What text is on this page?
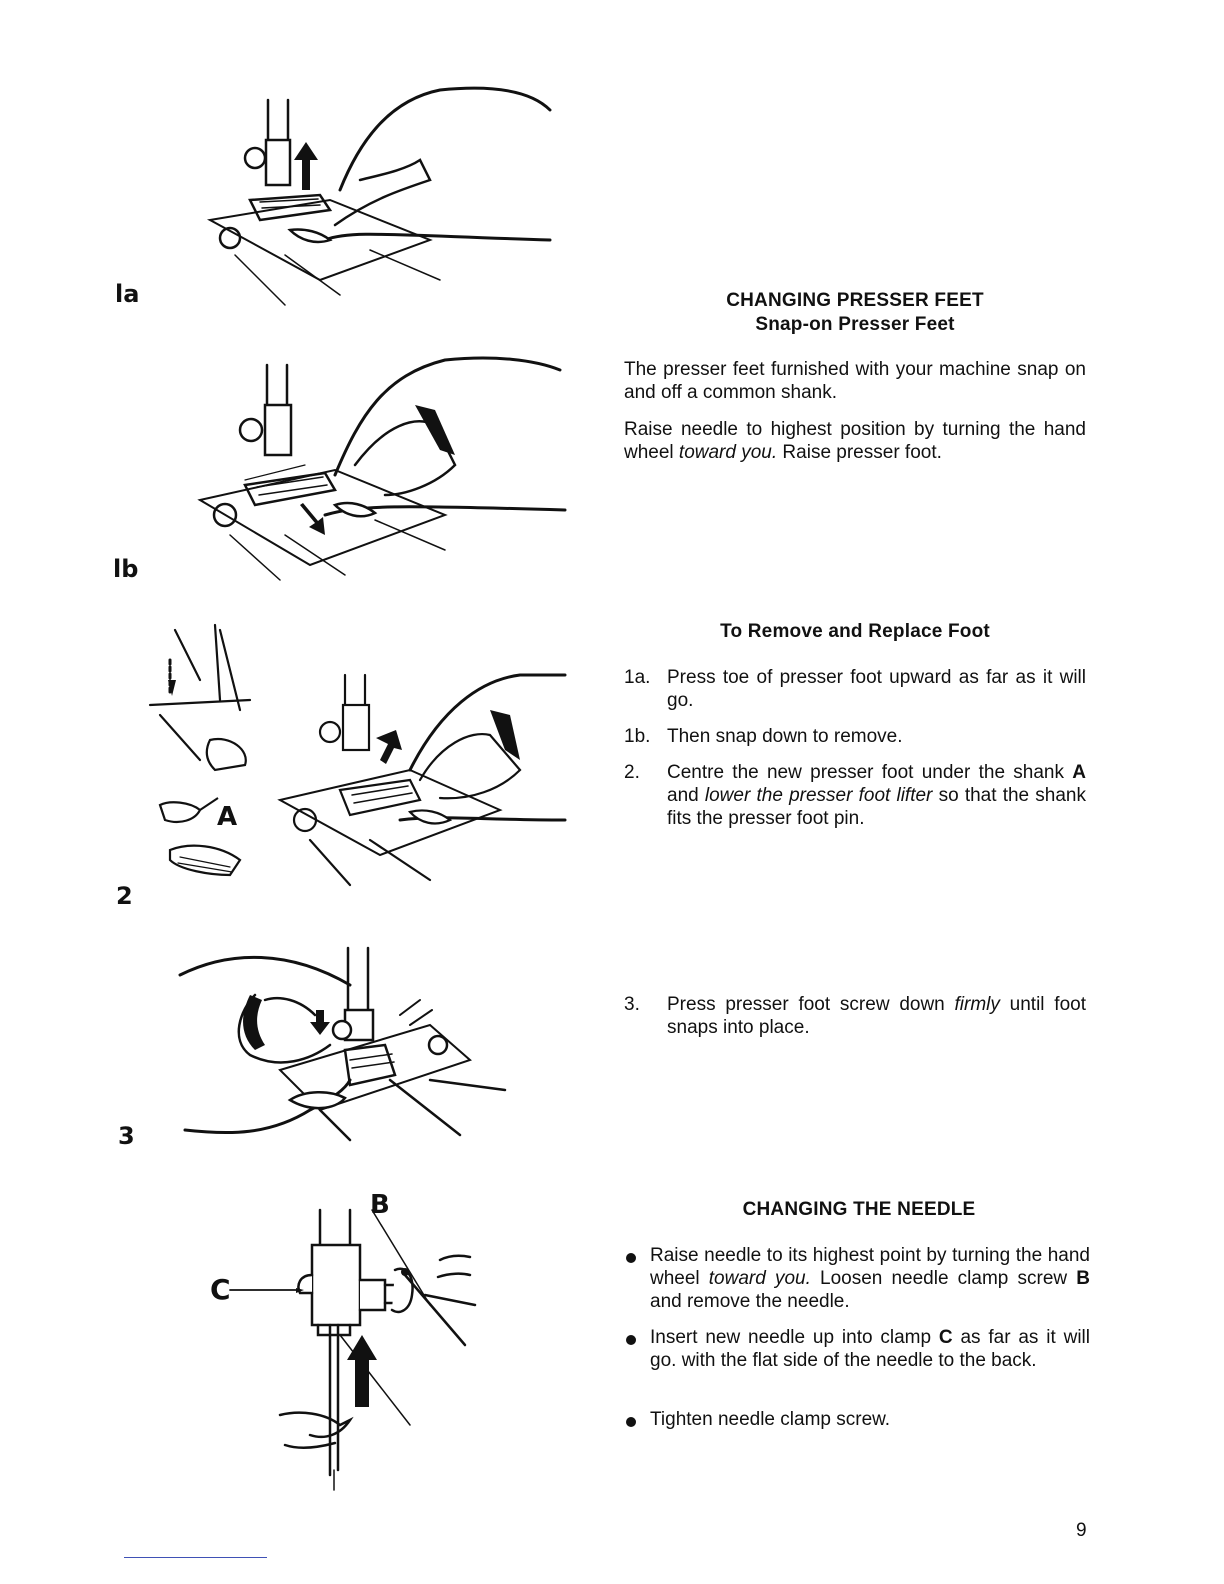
la
lb
A
2
3
B
C
CHANGING PRESSER FEET
Snap-on Presser Feet
The presser feet furnished with your machine snap on and off a common shank.
Raise needle to highest position by turning the hand wheel toward you. Raise presser foot.
To Remove and Replace Foot
1a. Press toe of presser foot upward as far as it will go.
1b. Then snap down to remove.
2.	Centre the new presser foot under the shank A and lower the presser foot lifter so that the shank fits the presser foot pin.
3.	Press presser foot screw down firmly until foot snaps into place.
CHANGING THE NEEDLE
Raise needle to its highest point by turning the hand wheel toward you. Loosen needle clamp screw B and remove the needle.
Insert new needle up into clamp C as far as it will go. with the flat side of the needle to the back.
Tighten needle clamp screw.
9
